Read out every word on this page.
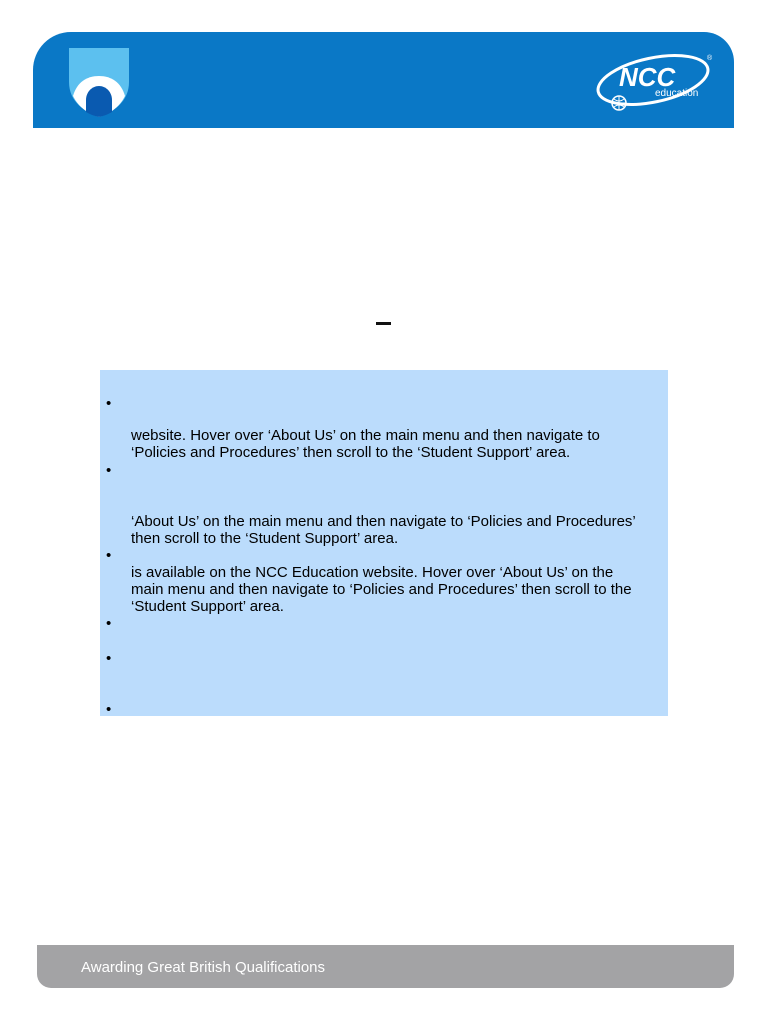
NCC
education
®
•

website. Hover over ‘About Us’ on the main menu and then navigate to
‘Policies and Procedures’ then scroll to the ‘Student Support’ area.

•

‘About Us’ on the main menu and then navigate to ‘Policies and Procedures’
then scroll to the ‘Student Support’ area.

•

is available on the NCC Education website. Hover over ‘About Us’ on the
main menu and then navigate to ‘Policies and Procedures’ then scroll to the
‘Student Support’ area.

•
•
•
Awarding Great British Qualifications
